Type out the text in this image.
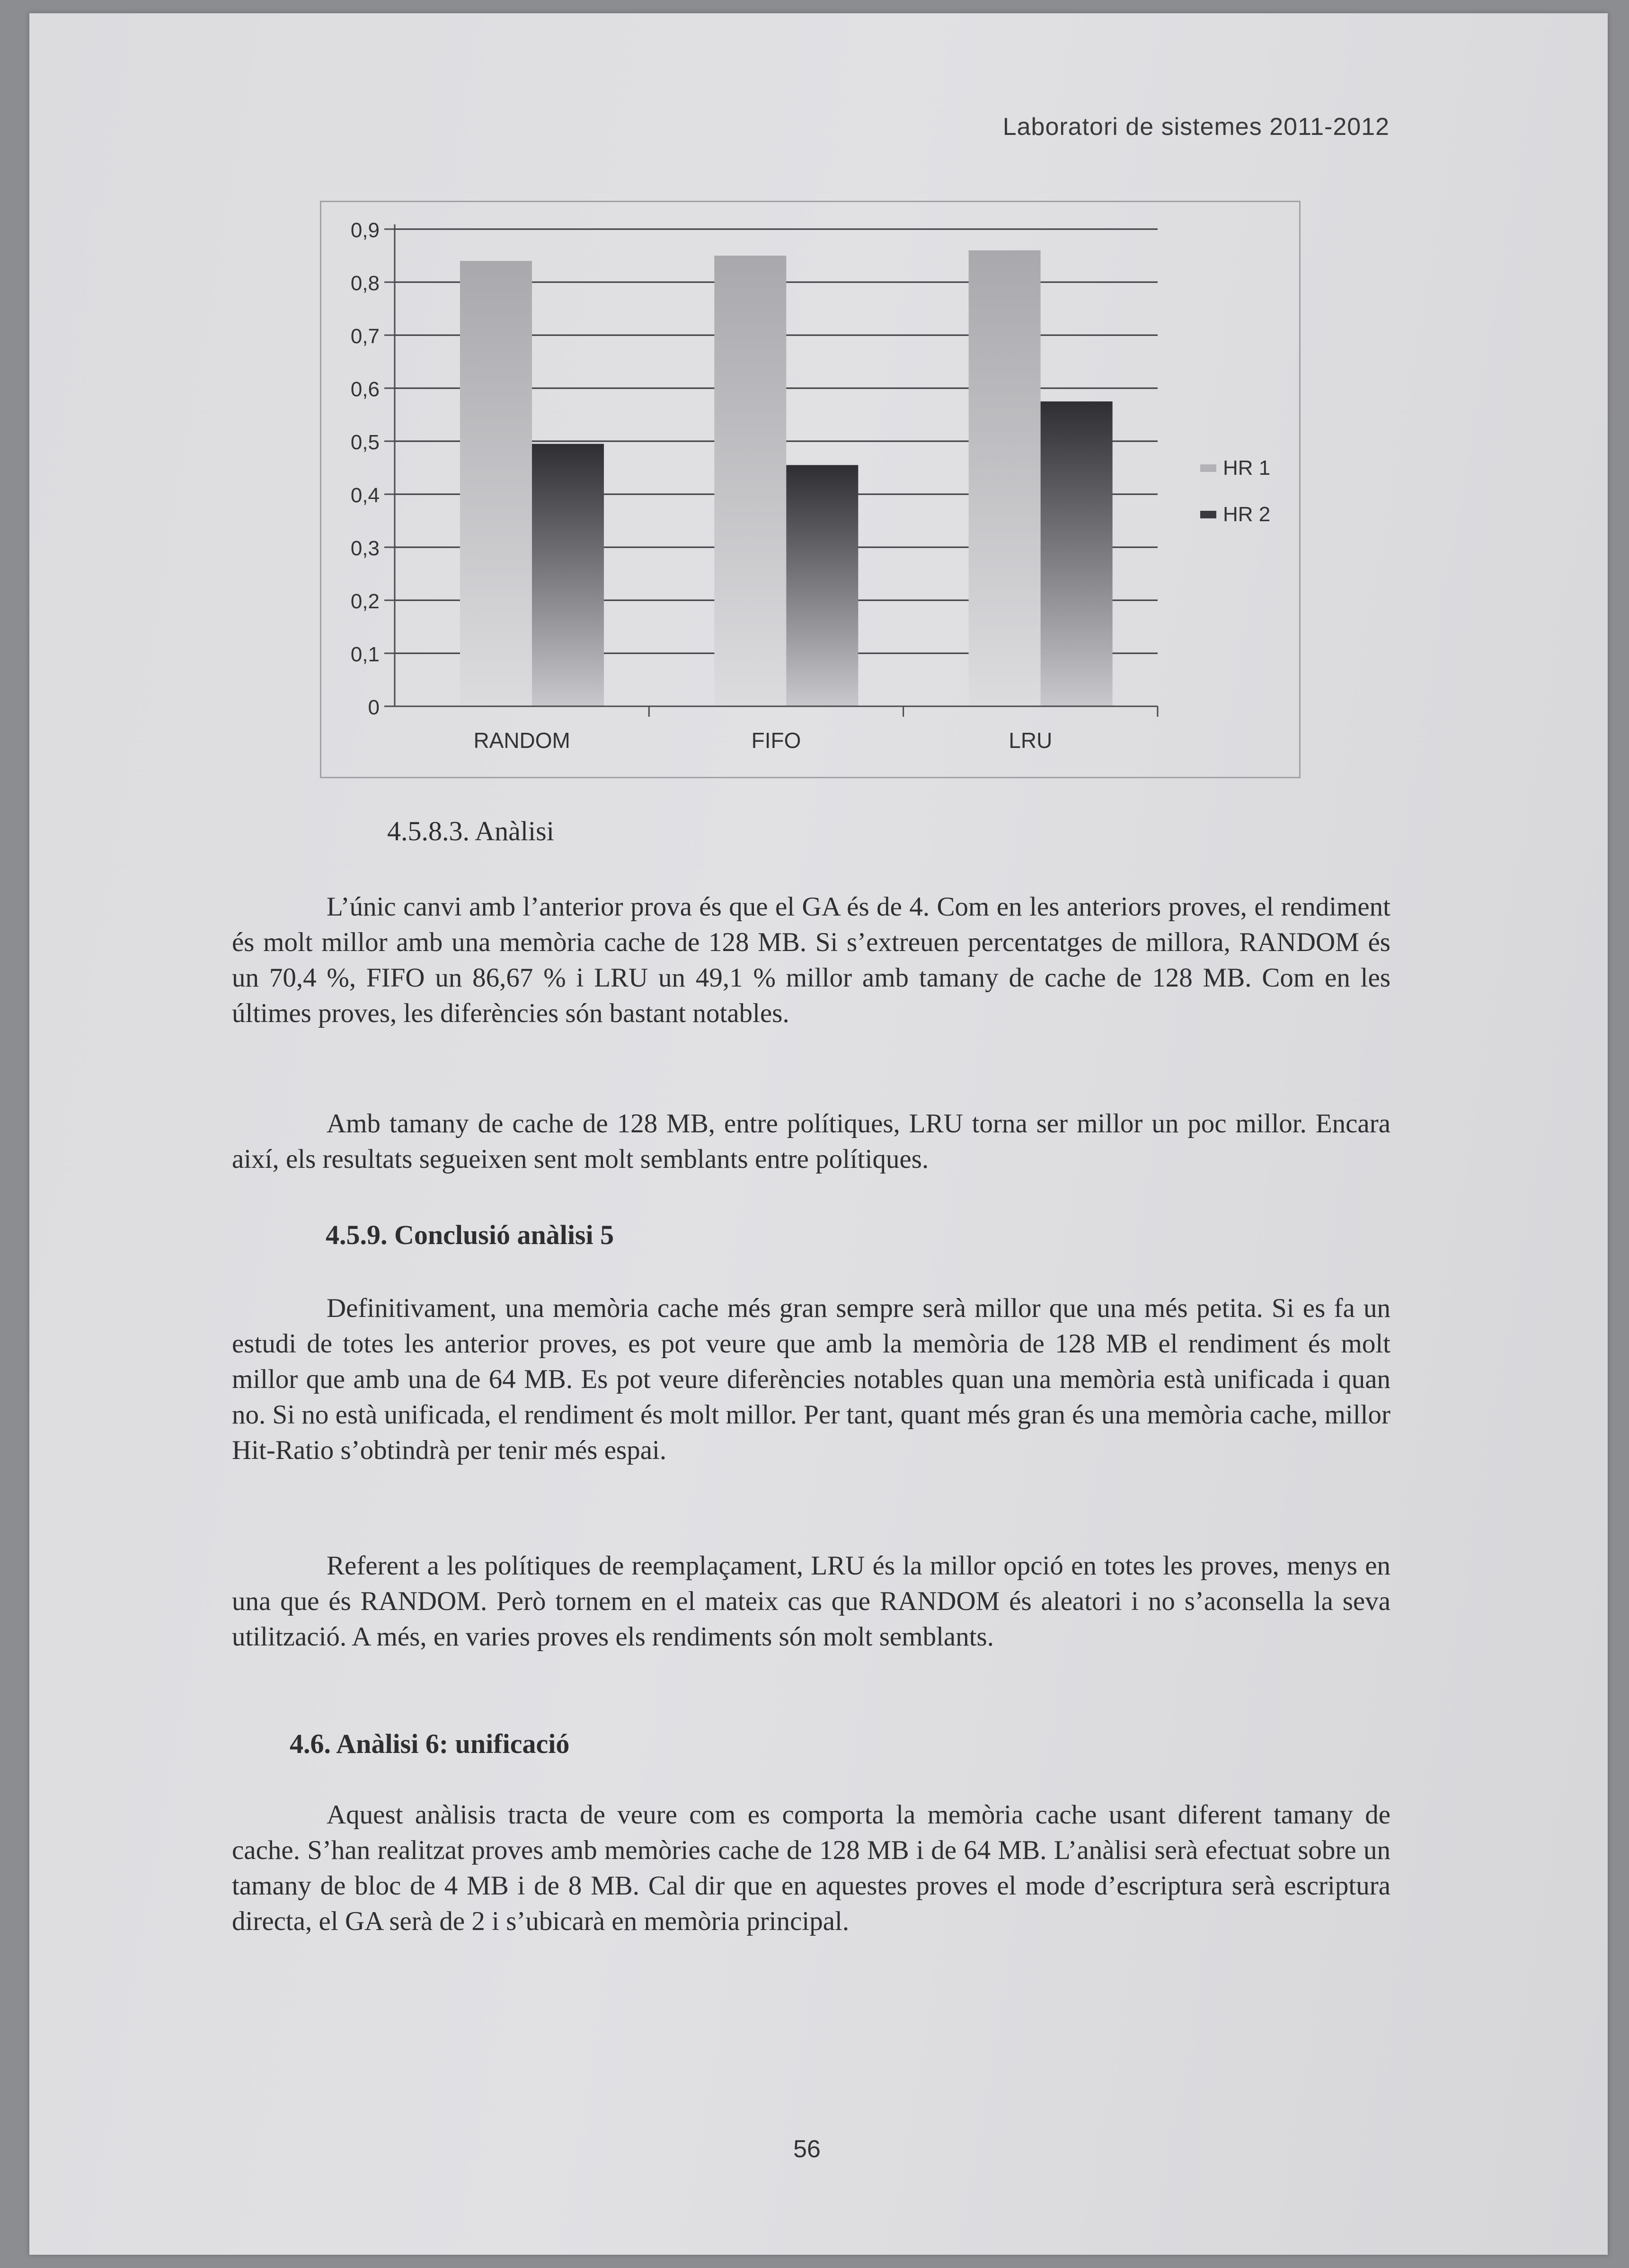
Laboratori de sistemes 2011-2012
0
0,1
0,2
0,3
0,4
0,5
0,6
0,7
0,8
0,9
RANDOM	FIFO	LRU
HR 1
HR 2
4.5.8.3. Anàlisi

L’únic canvi amb l’anterior prova és que el GA és de 4. Com en les anteriors proves, el rendiment és molt millor amb una memòria cache de 128 MB. Si s’extreuen percentatges de millora, RANDOM és un 70,4 %, FIFO un 86,67 % i LRU un 49,1 % millor amb tamany de cache de 128 MB. Com en les últimes proves, les diferències són bastant notables.

Amb tamany de cache de 128 MB, entre polítiques, LRU torna ser millor un poc millor. Encara així, els resultats segueixen sent molt semblants entre polítiques.

4.5.9. Conclusió anàlisi 5

Definitivament, una memòria cache més gran sempre serà millor que una més petita. Si es fa un estudi de totes les anterior proves, es pot veure que amb la memòria de 128 MB el rendiment és molt millor que amb una de 64 MB. Es pot veure diferències notables quan una memòria està unificada i quan no. Si no està unificada, el rendiment és molt millor. Per tant, quant més gran és una memòria cache, millor Hit-Ratio s’obtindrà per tenir més espai.

Referent a les polítiques de reemplaçament, LRU és la millor opció en totes les proves, menys en una que és RANDOM. Però tornem en el mateix cas que RANDOM és aleatori i no s’aconsella la seva utilització. A més, en varies proves els rendiments són molt semblants.

4.6. Anàlisi 6: unificació

Aquest anàlisis tracta de veure com es comporta la memòria cache usant diferent tamany de cache. S’han realitzat proves amb memòries cache de 128 MB i de 64 MB. L’anàlisi serà efectuat sobre un tamany de bloc de 4 MB i de 8 MB. Cal dir que en aquestes proves el mode d’escriptura serà escriptura directa, el GA serà de 2 i s’ubicarà en memòria principal.

56
